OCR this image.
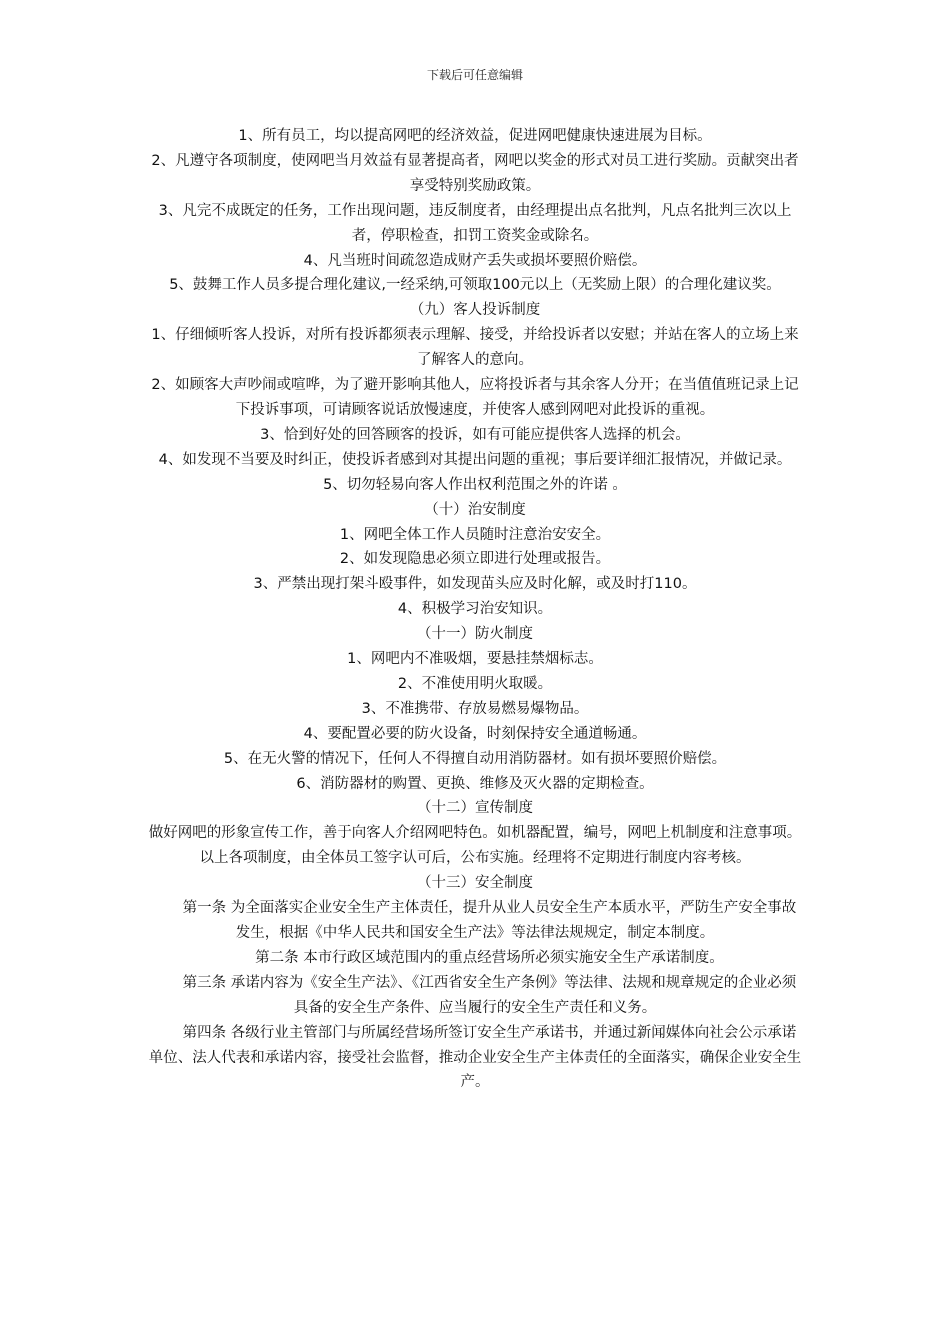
下载后可任意编辑

1、所有员工，均以提高网吧的经济效益，促进网吧健康快速进展为目标。

2、凡遵守各项制度，使网吧当月效益有显著提高者，网吧以奖金的形式对员工进行奖励。贡献突出者享受特别奖励政策。

3、凡完不成既定的任务，工作出现问题，违反制度者，由经理提出点名批判，凡点名批判三次以上者，停职检查，扣罚工资奖金或除名。

4、凡当班时间疏忽造成财产丢失或损坏要照价赔偿。

5、鼓舞工作人员多提合理化建议,一经采纳,可领取100元以上（无奖励上限）的合理化建议奖。

（九）客人投诉制度

1、仔细倾听客人投诉，对所有投诉都须表示理解、接受，并给投诉者以安慰；并站在客人的立场上来了解客人的意向。

2、如顾客大声吵闹或喧哗，为了避开影响其他人，应将投诉者与其余客人分开；在当值值班记录上记下投诉事项，可请顾客说话放慢速度，并使客人感到网吧对此投诉的重视。

3、恰到好处的回答顾客的投诉，如有可能应提供客人选择的机会。

4、如发现不当要及时纠正，使投诉者感到对其提出问题的重视；事后要详细汇报情况，并做记录。

5、切勿轻易向客人作出权利范围之外的许诺 。

（十）治安制度

1、网吧全体工作人员随时注意治安安全。

2、如发现隐患必须立即进行处理或报告。

3、严禁出现打架斗殴事件，如发现苗头应及时化解，或及时打110。

4、积极学习治安知识。

（十一）防火制度

1、网吧内不准吸烟，要悬挂禁烟标志。

2、不准使用明火取暖。

3、不准携带、存放易燃易爆物品。

4、要配置必要的防火设备，时刻保持安全通道畅通。

5、在无火警的情况下，任何人不得擅自动用消防器材。如有损坏要照价赔偿。

6、消防器材的购置、更换、维修及灭火器的定期检查。

（十二）宣传制度

做好网吧的形象宣传工作，善于向客人介绍网吧特色。如机器配置，编号，网吧上机制度和注意事项。

以上各项制度，由全体员工签字认可后，公布实施。经理将不定期进行制度内容考核。

（十三）安全制度

　　第一条 为全面落实企业安全生产主体责任，提升从业人员安全生产本质水平，严防生产安全事故发生，根据《中华人民共和国安全生产法》等法律法规规定，制定本制度。

　　第二条 本市行政区域范围内的重点经营场所必须实施安全生产承诺制度。

　　第三条 承诺内容为《安全生产法》、《江西省安全生产条例》等法律、法规和规章规定的企业必须具备的安全生产条件、应当履行的安全生产责任和义务。

　　第四条 各级行业主管部门与所属经营场所签订安全生产承诺书，并通过新闻媒体向社会公示承诺单位、法人代表和承诺内容，接受社会监督，推动企业安全生产主体责任的全面落实，确保企业安全生产。
